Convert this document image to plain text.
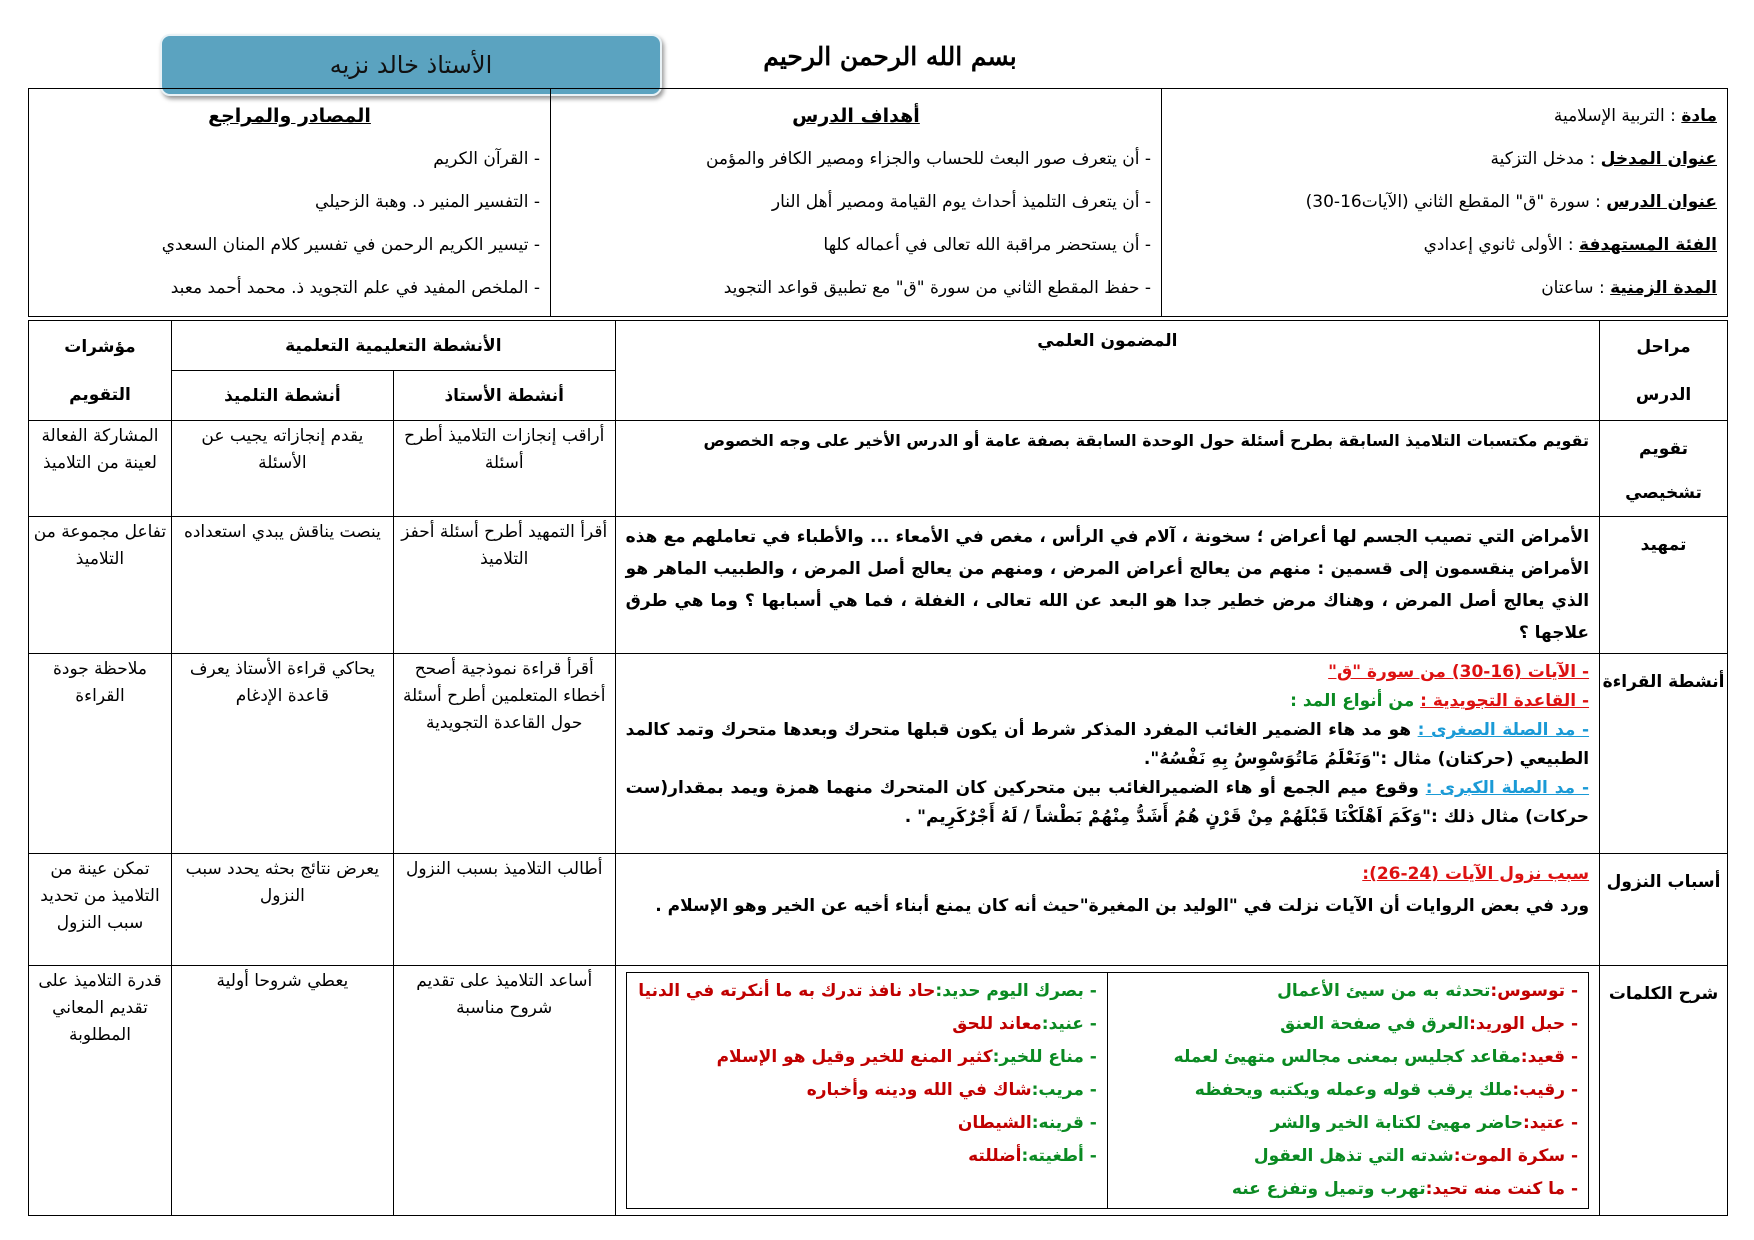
الأستاذ خالد نزيه	بسم الله الرحمن الرحيم
مادة : التربية الإسلامية
عنوان المدخل : مدخل التزكية
عنوان الدرس : سورة "ق" المقطع الثاني (الآيات16-30)
الفئة المستهدفة : الأولى ثانوي إعدادي
المدة الزمنية : ساعتان

أهداف الدرس
- أن يتعرف صور البعث للحساب والجزاء ومصير الكافر والمؤمن
- أن يتعرف التلميذ أحداث يوم القيامة ومصير أهل النار
- أن يستحضر مراقبة الله تعالى في أعماله كلها
- حفظ المقطع الثاني من سورة "ق" مع تطبيق قواعد التجويد

المصادر والمراجع
- القرآن الكريم
- التفسير المنير د. وهبة الزحيلي
- تيسير الكريم الرحمن في تفسير كلام المنان السعدي
- الملخص المفيد في علم التجويد ذ. محمد أحمد معبد
مراحل الدرس	المضمون العلمي	الأنشطة التعليمية التعلمية	مؤشرات التقويم
أنشطة الأستاذ	أنشطة التلميذ
تقويم تشخيصي	تقويم مكتسبات التلاميذ السابقة بطرح أسئلة حول الوحدة السابقة بصفة عامة أو الدرس الأخير على وجه الخصوص	أراقب إنجازات التلاميذ أطرح أسئلة	يقدم إنجازاته يجيب عن الأسئلة	المشاركة الفعالة لعينة من التلاميذ
تمهيد	الأمراض التي تصيب الجسم لها أعراض ؛ سخونة ، آلام في الرأس ، مغص في الأمعاء ... والأطباء في تعاملهم مع هذه الأمراض ينقسمون إلى قسمين : منهم من يعالج أعراض المرض ، ومنهم من يعالج أصل المرض ، والطبيب الماهر هو الذي يعالج أصل المرض ، وهناك مرض خطير جدا هو البعد عن الله تعالى ، الغفلة ، فما هي أسبابها ؟ وما هي طرق علاجها ؟	أقرأ التمهيد أطرح أسئلة أحفز التلاميذ	ينصت يناقش يبدي استعداده	تفاعل مجموعة من التلاميذ
أنشطة القراءة	
- الآيات (16-30) من سورة "ق"
- القاعدة التجويدية : من أنواع المد :
- مد الصلة الصغرى : هو مد هاء الضمير الغائب المفرد المذكر شرط أن يكون قبلها متحرك وبعدها متحرك وتمد كالمد الطبيعي (حركتان) مثال :"وَنَعْلَمُ مَاتُوَسْوِسُ بِهِ نَفْسُهُ".
- مد الصلة الكبرى : وقوع ميم الجمع أو هاء الضميرالغائب بين متحركين كان المتحرك منهما همزة ويمد بمقدار(ست حركات) مثال ذلك :"وَكَمَ اَهْلَكْنَا قَبْلَهُمْ مِنْ قَرْنٍ هُمُ أَشَدُّ مِنْهُمْ بَطْشاً / لَهُ أَجْرٌكَرِيم" .
	أقرأ قراءة نموذجية أصحح أخطاء المتعلمين أطرح أسئلة حول القاعدة التجويدية	يحاكي قراءة الأستاذ يعرف قاعدة الإدغام	ملاحظة جودة القراءة
أسباب النزول	
سبب نزول الآيات (24-26):
ورد في بعض الروايات أن الآيات نزلت في "الوليد بن المغيرة"حيث أنه كان يمنع أبناء أخيه عن الخير وهو الإسلام .
	أطالب التلاميذ بسبب النزول	يعرض نتائج بحثه يحدد سبب النزول	تمكن عينة من التلاميذ من تحديد سبب النزول
شرح الكلمات	
- توسوس:تحدثه به من سيئ الأعمال
- حبل الوريد:العرق في صفحة العنق
- قعيد:مقاعد كجليس بمعنى مجالس متهيئ لعمله
- رقيب:ملك يرقب قوله وعمله ويكتبه ويحفظه
- عتيد:حاضر مهيئ لكتابة الخير والشر
- سكرة الموت:شدته التي تذهل العقول
- ما كنت منه تحيد:تهرب وتميل وتفزع عنه

- بصرك اليوم حديد:حاد نافذ تدرك به ما أنكرته في الدنيا
- عنيد:معاند للحق
- مناع للخير:كثير المنع للخير وقيل هو الإسلام
- مريب:شاك في الله ودينه وأخباره
- قرينه:الشيطان
- أطغيته:أضللته
	أساعد التلاميذ على تقديم شروح مناسبة	يعطي شروحا أولية	قدرة التلاميذ على تقديم المعاني المطلوبة
